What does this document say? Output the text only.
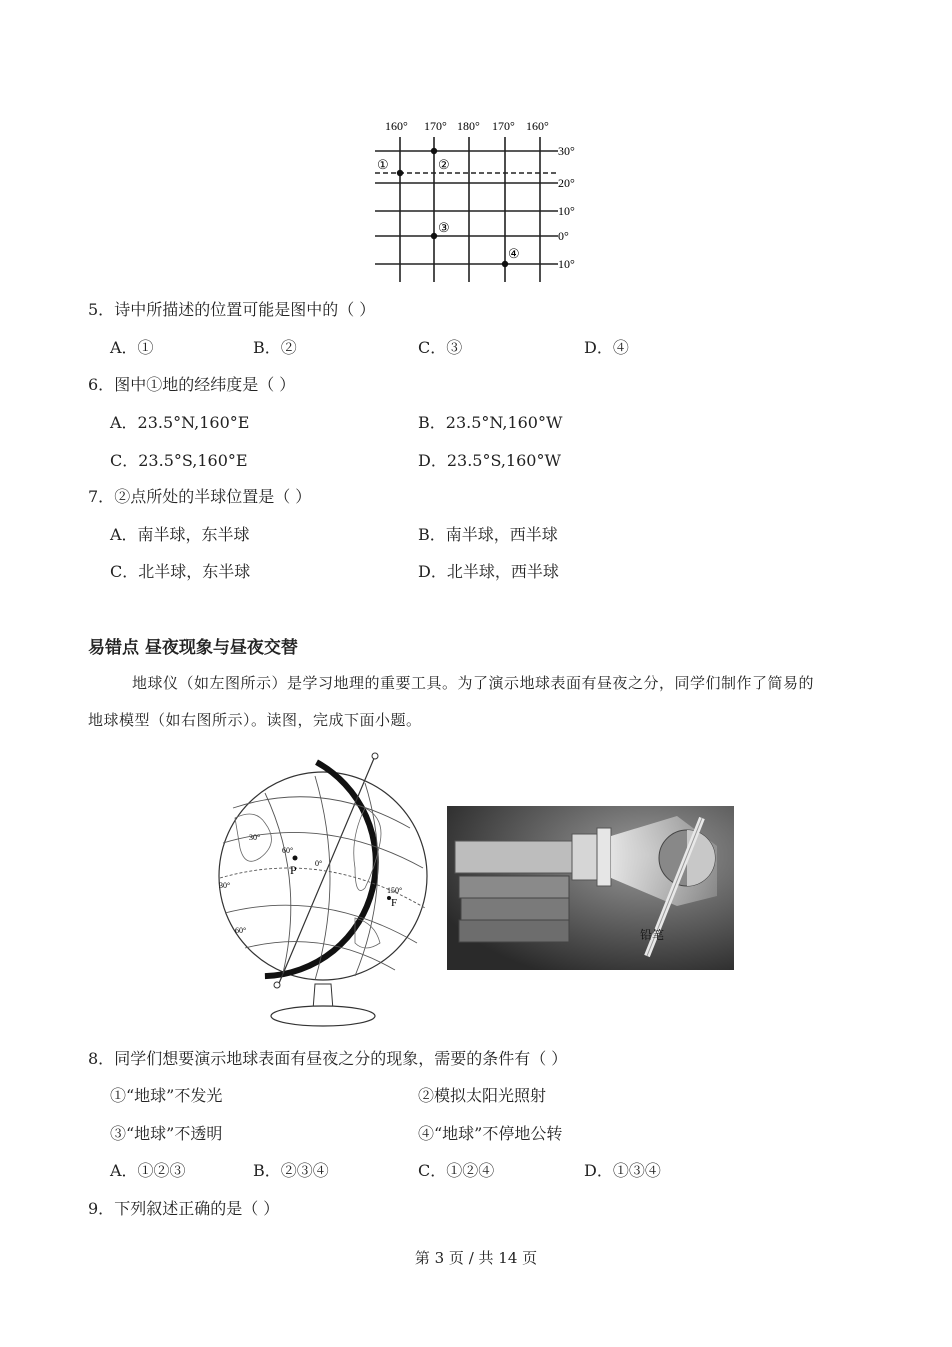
160° 170° 180° 170° 160°
30°
20°
10°
0°
10°
①	②
③
④
5．诗中所描述的位置可能是图中的（ ）
A．①	B．②	C．③	D．④
6．图中①地的经纬度是（ ）
A．23.5°N,160°E	B．23.5°N,160°W
C．23.5°S,160°E	D．23.5°S,160°W
7．②点所处的半球位置是（ ）
A．南半球，东半球	B．南半球，西半球
C．北半球，东半球	D．北半球，西半球
易错点 昼夜现象与昼夜交替
地球仪（如左图所示）是学习地理的重要工具。为了演示地球表面有昼夜之分，同学们制作了简易的
地球模型（如右图所示）。读图，完成下面小题。
P
30°
60°
30°
60°
0°
150°
F
铅笔
8．同学们想要演示地球表面有昼夜之分的现象，需要的条件有（ ）
①“地球”不发光	②模拟太阳光照射
③“地球”不透明	④“地球”不停地公转
A．①②③	B．②③④	C．①②④	D．①③④
9．下列叙述正确的是（ ）
第 3 页 / 共 14 页
